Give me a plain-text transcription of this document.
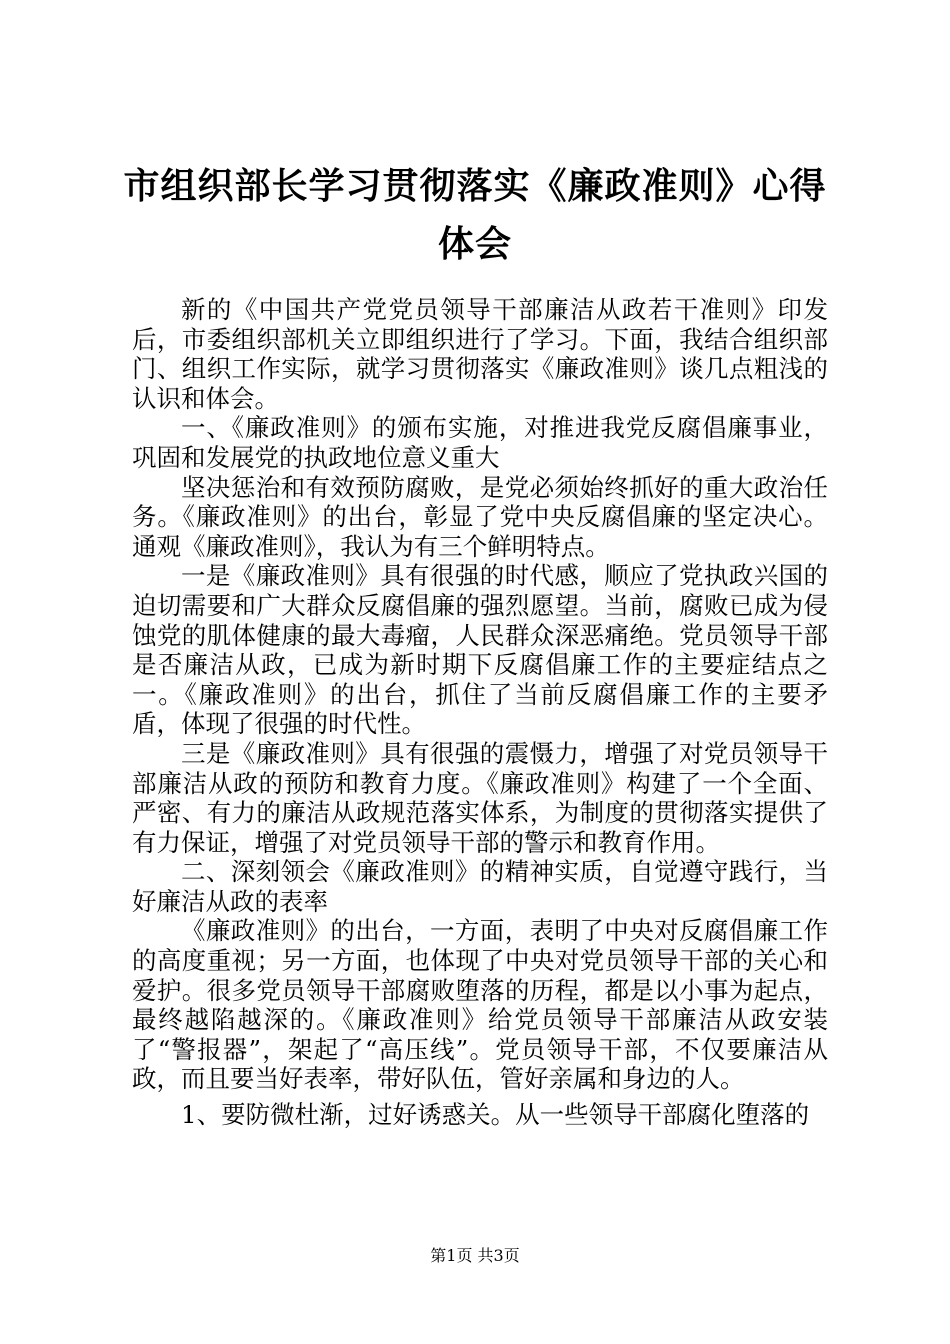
市组织部长学习贯彻落实《廉政准则》心得体会

新的《中国共产党党员领导干部廉洁从政若干准则》印发后，市委组织部机关立即组织进行了学习。下面，我结合组织部门、组织工作实际，就学习贯彻落实《廉政准则》谈几点粗浅的认识和体会。

一、《廉政准则》的颁布实施，对推进我党反腐倡廉事业，巩固和发展党的执政地位意义重大

坚决惩治和有效预防腐败，是党必须始终抓好的重大政治任务。《廉政准则》的出台，彰显了党中央反腐倡廉的坚定决心。通观《廉政准则》，我认为有三个鲜明特点。

一是《廉政准则》具有很强的时代感，顺应了党执政兴国的迫切需要和广大群众反腐倡廉的强烈愿望。当前，腐败已成为侵蚀党的肌体健康的最大毒瘤，人民群众深恶痛绝。党员领导干部是否廉洁从政，已成为新时期下反腐倡廉工作的主要症结点之一。《廉政准则》的出台，抓住了当前反腐倡廉工作的主要矛盾，体现了很强的时代性。

三是《廉政准则》具有很强的震慑力，增强了对党员领导干部廉洁从政的预防和教育力度。《廉政准则》构建了一个全面、严密、有力的廉洁从政规范落实体系，为制度的贯彻落实提供了有力保证，增强了对党员领导干部的警示和教育作用。

二、深刻领会《廉政准则》的精神实质，自觉遵守践行，当好廉洁从政的表率

《廉政准则》的出台，一方面，表明了中央对反腐倡廉工作的高度重视；另一方面，也体现了中央对党员领导干部的关心和爱护。很多党员领导干部腐败堕落的历程，都是以小事为起点，最终越陷越深的。《廉政准则》给党员领导干部廉洁从政安装了“警报器”，架起了“高压线”。党员领导干部，不仅要廉洁从政，而且要当好表率，带好队伍，管好亲属和身边的人。

1、要防微杜渐，过好诱惑关。从一些领导干部腐化堕落的

第1页 共3页
